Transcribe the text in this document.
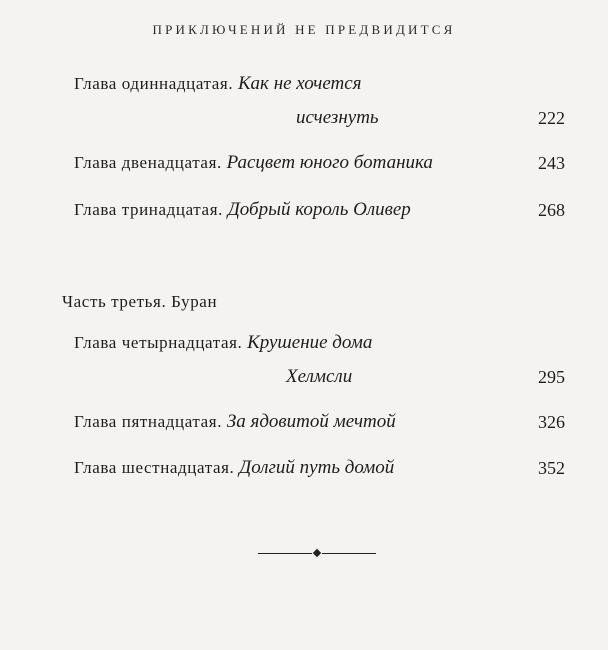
ПРИКЛЮЧЕНИЙ НЕ ПРЕДВИДИТСЯ
Глава одиннадцатая. Как не хочется
исчезнуть	222
Глава двенадцатая. Расцвет юного ботаника	243
Глава тринадцатая. Добрый король Оливер	268
Часть третья. Буран
Глава четырнадцатая. Крушение дома
Хелмсли	295
Глава пятнадцатая. За ядовитой мечтой	326
Глава шестнадцатая. Долгий путь домой	352
